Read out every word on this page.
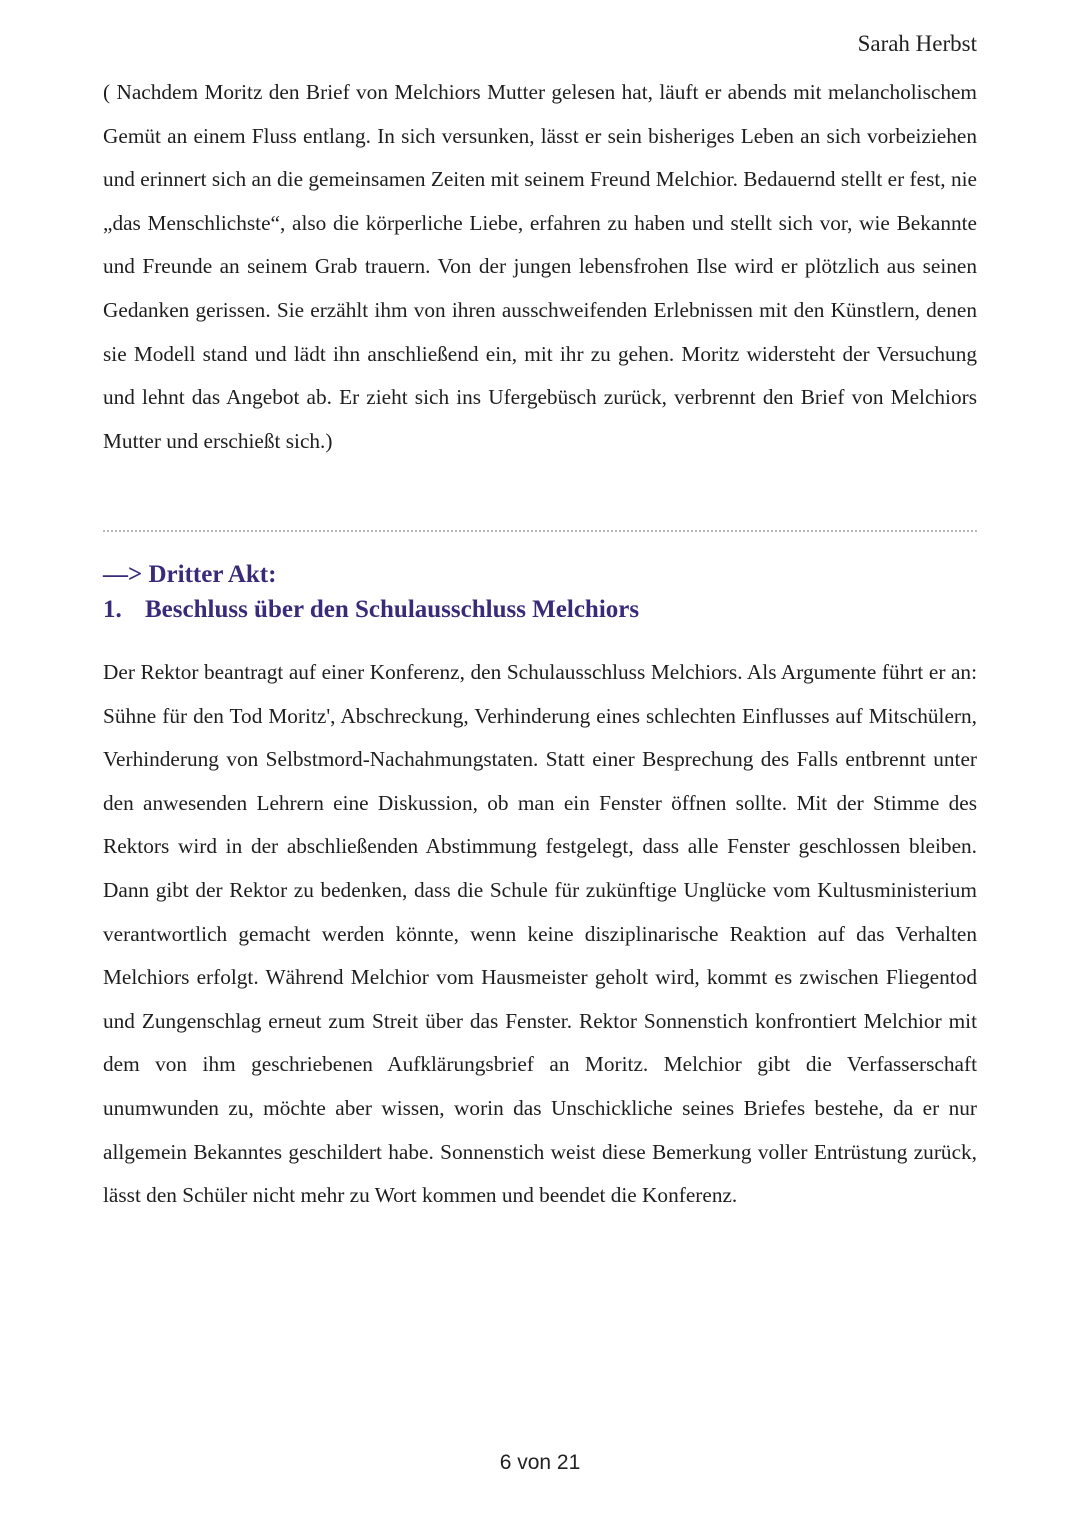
Sarah Herbst

( Nachdem Moritz den Brief von Melchiors Mutter gelesen hat, läuft er abends mit melancholischem Gemüt an einem Fluss entlang. In sich versunken, lässt er sein bisheriges Leben an sich vorbeiziehen und erinnert sich an die gemeinsamen Zeiten mit seinem Freund Melchior. Bedauernd stellt er fest, nie „das Menschlichste“, also die körperliche Liebe, erfahren zu haben und stellt sich vor, wie Bekannte und Freunde an seinem Grab trauern. Von der jungen lebensfrohen Ilse wird er plötzlich aus seinen Gedanken gerissen. Sie erzählt ihm von ihren ausschweifenden Erlebnissen mit den Künstlern, denen sie Modell stand und lädt ihn anschließend ein, mit ihr zu gehen. Moritz widersteht der Versuchung und lehnt das Angebot ab. Er zieht sich ins Ufergebüsch zurück, verbrennt den Brief von Melchiors Mutter und erschießt sich.)

—> Dritter Akt:
1. Beschluss über den Schulausschluss Melchiors

Der Rektor beantragt auf einer Konferenz, den Schulausschluss Melchiors. Als Argumente führt er an: Sühne für den Tod Moritz', Abschreckung, Verhinderung eines schlechten Einflusses auf Mitschülern, Verhinderung von Selbstmord-Nachahmungstaten. Statt einer Besprechung des Falls entbrennt unter den anwesenden Lehrern eine Diskussion, ob man ein Fenster öffnen sollte. Mit der Stimme des Rektors wird in der abschließenden Abstimmung festgelegt, dass alle Fenster geschlossen bleiben. Dann gibt der Rektor zu bedenken, dass die Schule für zukünftige Unglücke vom Kultusministerium verantwortlich gemacht werden könnte, wenn keine disziplinarische Reaktion auf das Verhalten Melchiors erfolgt. Während Melchior vom Hausmeister geholt wird, kommt es zwischen Fliegentod und Zungenschlag erneut zum Streit über das Fenster. Rektor Sonnenstich konfrontiert Melchior mit dem von ihm geschriebenen Aufklärungsbrief an Moritz. Melchior gibt die Verfasserschaft unumwunden zu, möchte aber wissen, worin das Unschickliche seines Briefes bestehe, da er nur allgemein Bekanntes geschildert habe. Sonnenstich weist diese Bemerkung voller Entrüstung zurück, lässt den Schüler nicht mehr zu Wort kommen und beendet die Konferenz.

6 von 21
